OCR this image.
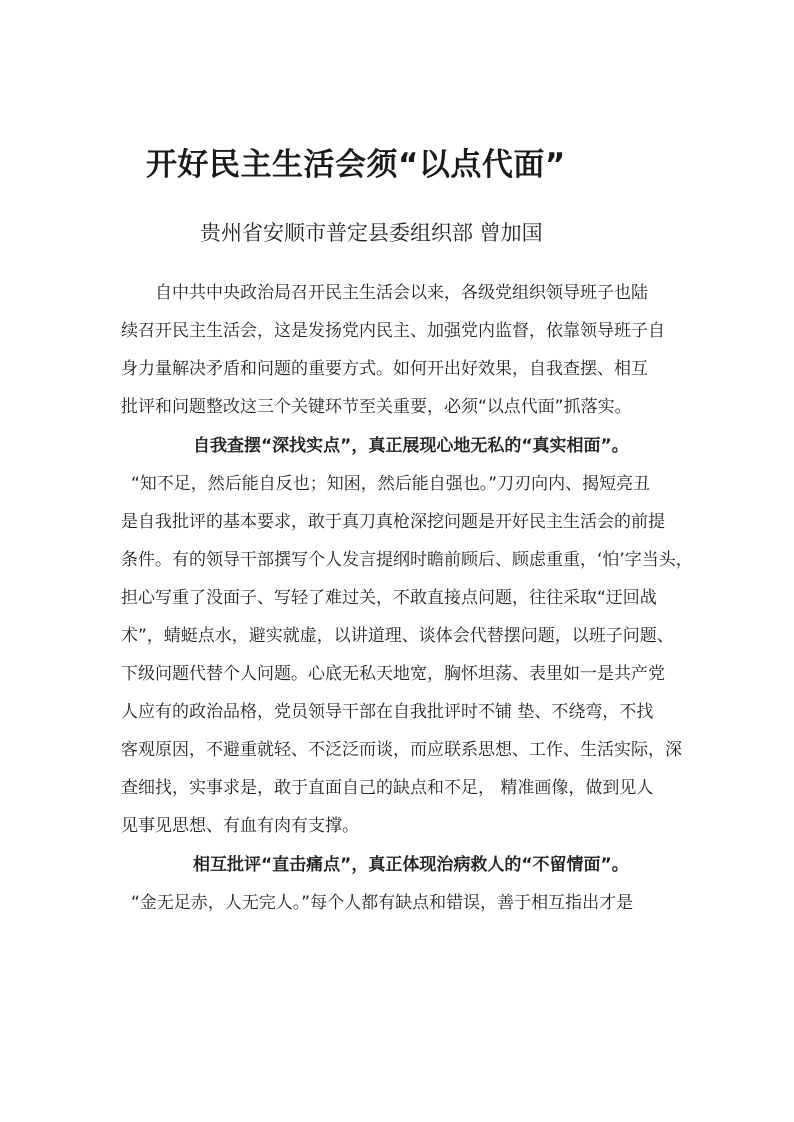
开好民主生活会须“以点代面”
贵州省安顺市普定县委组织部 曾加国
自中共中央政治局召开民主生活会以来，各级党组织领导班子也陆
续召开民主生活会，这是发扬党内民主、加强党内监督，依靠领导班子自
身力量解决矛盾和问题的重要方式。如何开出好效果，自我查摆、相互
批评和问题整改这三个关键环节至关重要，必须“以点代面”抓落实。
自我查摆“深找实点”，真正展现心地无私的“真实相面”。
“知不足，然后能自反也；知困，然后能自强也。”刀刃向内、揭短亮丑
是自我批评的基本要求，敢于真刀真枪深挖问题是开好民主生活会的前提
条件。有的领导干部撰写个人发言提纲时瞻前顾后、顾虑重重，‘怕’字当头，
担心写重了没面子、写轻了难过关，不敢直接点问题，往往采取“迂回战
术”，蜻蜓点水，避实就虚，以讲道理、谈体会代替摆问题，以班子问题、
下级问题代替个人问题。心底无私天地宽，胸怀坦荡、表里如一是共产党
人应有的政治品格，党员领导干部在自我批评时不铺 垫、不绕弯，不找
客观原因，不避重就轻、不泛泛而谈，而应联系思想、工作、生活实际，深
查细找，实事求是，敢于直面自己的缺点和不足， 精准画像，做到见人
见事见思想、有血有肉有支撑。
相互批评“直击痛点”，真正体现治病救人的“不留情面”。
“金无足赤，人无完人。”每个人都有缺点和错误，善于相互指出才是
